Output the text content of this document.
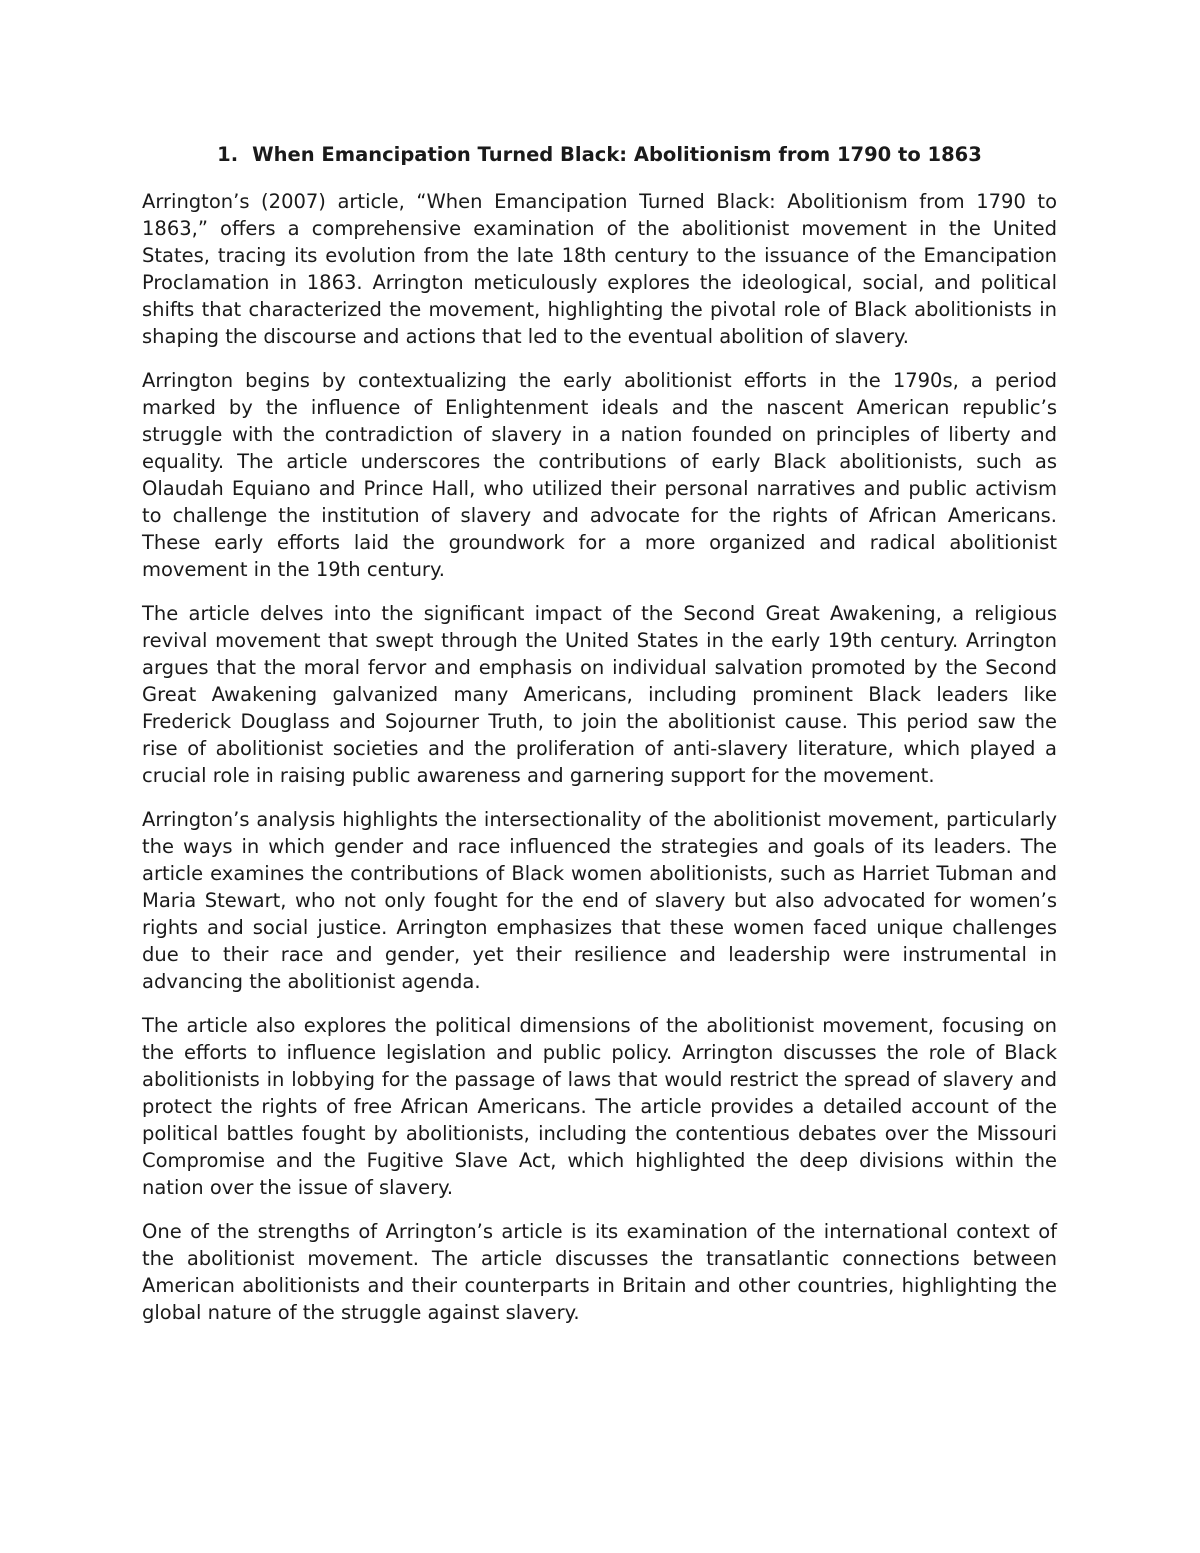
1. When Emancipation Turned Black: Abolitionism from 1790 to 1863

Arrington’s (2007) article, “When Emancipation Turned Black: Abolitionism from 1790 to 1863,” offers a comprehensive examination of the abolitionist movement in the United States, tracing its evolution from the late 18th century to the issuance of the Emancipation Proclamation in 1863. Arrington meticulously explores the ideological, social, and political shifts that characterized the movement, highlighting the pivotal role of Black abolitionists in shaping the discourse and actions that led to the eventual abolition of slavery.

Arrington begins by contextualizing the early abolitionist efforts in the 1790s, a period marked by the influence of Enlightenment ideals and the nascent American republic’s struggle with the contradiction of slavery in a nation founded on principles of liberty and equality. The article underscores the contributions of early Black abolitionists, such as Olaudah Equiano and Prince Hall, who utilized their personal narratives and public activism to challenge the institution of slavery and advocate for the rights of African Americans. These early efforts laid the groundwork for a more organized and radical abolitionist movement in the 19th century.

The article delves into the significant impact of the Second Great Awakening, a religious revival movement that swept through the United States in the early 19th century. Arrington argues that the moral fervor and emphasis on individual salvation promoted by the Second Great Awakening galvanized many Americans, including prominent Black leaders like Frederick Douglass and Sojourner Truth, to join the abolitionist cause. This period saw the rise of abolitionist societies and the proliferation of anti-slavery literature, which played a crucial role in raising public awareness and garnering support for the movement.

Arrington’s analysis highlights the intersectionality of the abolitionist movement, particularly the ways in which gender and race influenced the strategies and goals of its leaders. The article examines the contributions of Black women abolitionists, such as Harriet Tubman and Maria Stewart, who not only fought for the end of slavery but also advocated for women’s rights and social justice. Arrington emphasizes that these women faced unique challenges due to their race and gender, yet their resilience and leadership were instrumental in advancing the abolitionist agenda.

The article also explores the political dimensions of the abolitionist movement, focusing on the efforts to influence legislation and public policy. Arrington discusses the role of Black abolitionists in lobbying for the passage of laws that would restrict the spread of slavery and protect the rights of free African Americans. The article provides a detailed account of the political battles fought by abolitionists, including the contentious debates over the Missouri Compromise and the Fugitive Slave Act, which highlighted the deep divisions within the nation over the issue of slavery.

One of the strengths of Arrington’s article is its examination of the international context of the abolitionist movement. The article discusses the transatlantic connections between American abolitionists and their counterparts in Britain and other countries, highlighting the global nature of the struggle against slavery.
